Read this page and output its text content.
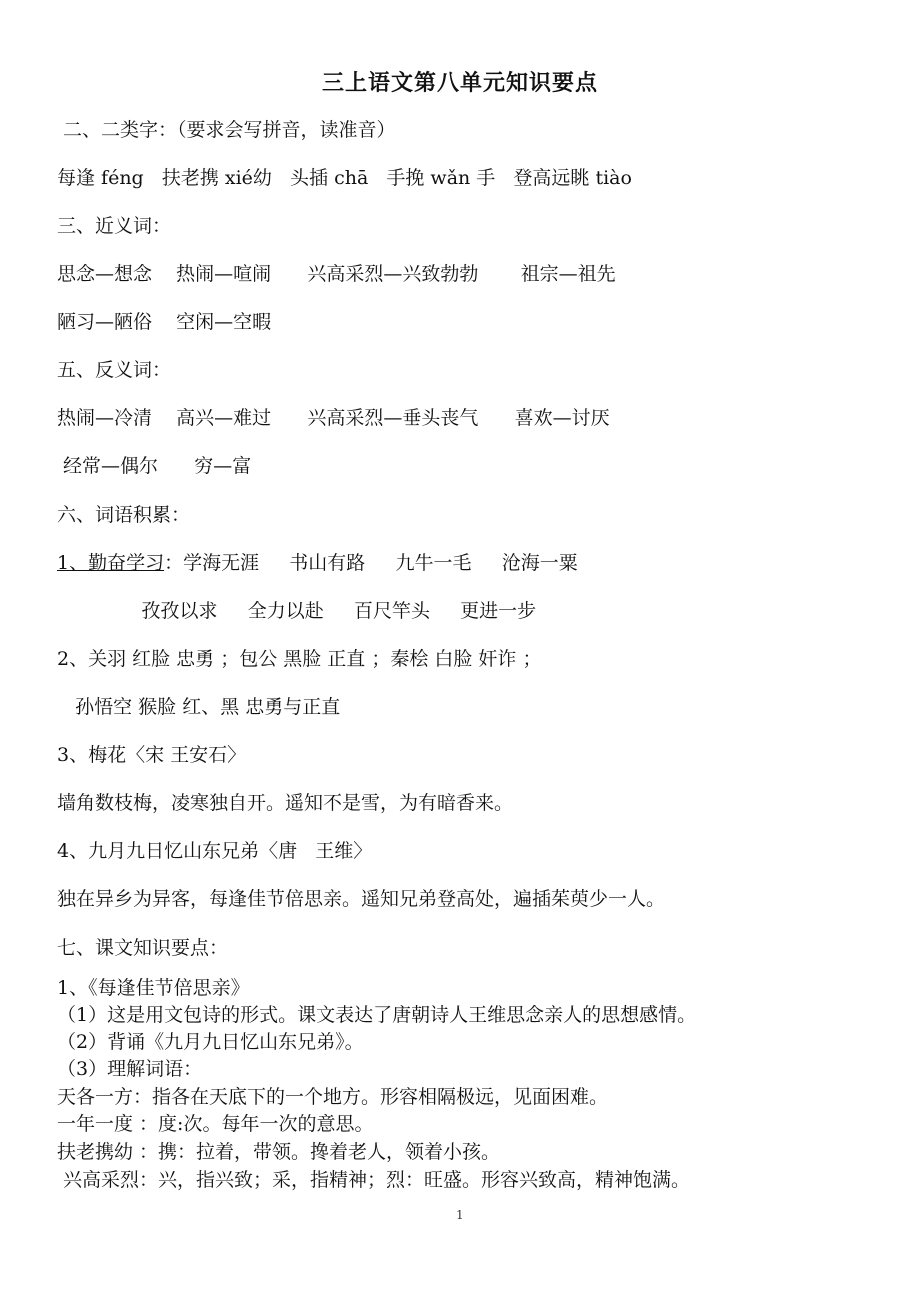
三上语文第八单元知识要点
二、二类字：（要求会写拼音，读准音）
每逢 féng   扶老携 xié幼   头插 chā   手挽 wǎn 手   登高远眺 tiào
三、近义词：
思念—想念    热闹—喧闹      兴高采烈—兴致勃勃       祖宗—祖先
陋习—陋俗    空闲—空暇
五、反义词：
热闹—冷清    高兴—难过      兴高采烈—垂头丧气      喜欢—讨厌
经常—偶尔      穷—富
六、词语积累：
1、勤奋学习：学海无涯     书山有路     九牛一毛     沧海一粟
孜孜以求     全力以赴     百尺竿头     更进一步
2、关羽 红脸 忠勇 ；包公 黑脸 正直 ；秦桧 白脸 奸诈 ；
孙悟空 猴脸 红、黑 忠勇与正直
3、梅花〈宋 王安石〉
墙角数枝梅，凌寒独自开。遥知不是雪，为有暗香来。
4、九月九日忆山东兄弟〈唐   王维〉
独在异乡为异客，每逢佳节倍思亲。遥知兄弟登高处，遍插茱萸少一人。
七、课文知识要点：
1、《每逢佳节倍思亲》
（1）这是用文包诗的形式。课文表达了唐朝诗人王维思念亲人的思想感情。
（2）背诵《九月九日忆山东兄弟》。
（3）理解词语：
天各一方：指各在天底下的一个地方。形容相隔极远，见面困难。
一年一度 ：度:次。每年一次的意思。
扶老携幼 ：携：拉着，带领。搀着老人，领着小孩。
兴高采烈：兴，指兴致；采，指精神；烈：旺盛。形容兴致高，精神饱满。
1
